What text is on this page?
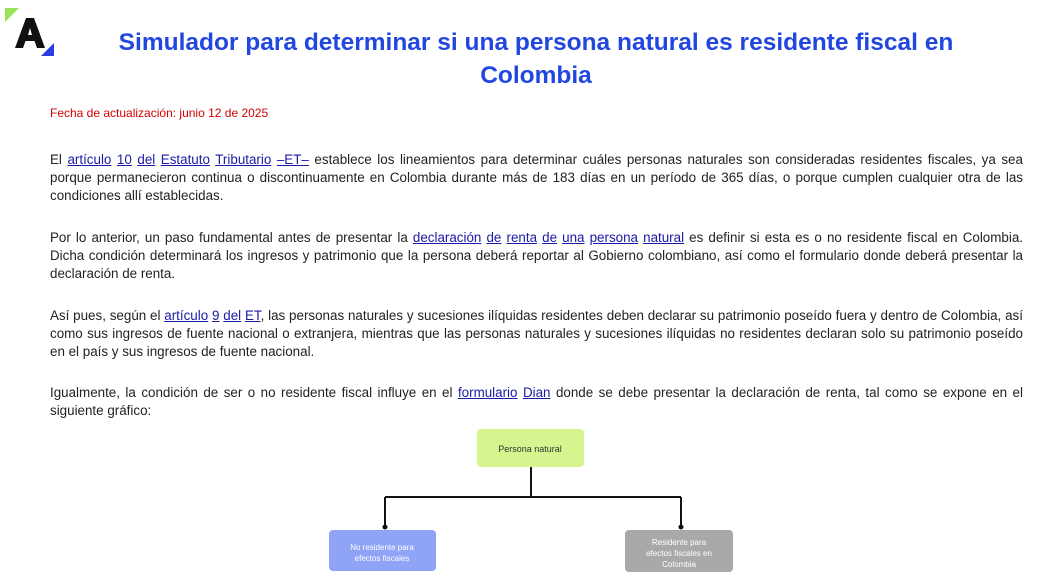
Simulador para determinar si una persona natural es residente fiscal en Colombia

Fecha de actualización: junio 12 de 2025

El artículo 10 del Estatuto Tributario –ET– establece los lineamientos para determinar cuáles personas naturales son consideradas residentes fiscales, ya sea porque permanecieron continua o discontinuamente en Colombia durante más de 183 días en un período de 365 días, o porque cumplen cualquier otra de las condiciones allí establecidas.

Por lo anterior, un paso fundamental antes de presentar la declaración de renta de una persona natural es definir si esta es o no residente fiscal en Colombia. Dicha condición determinará los ingresos y patrimonio que la persona deberá reportar al Gobierno colombiano, así como el formulario donde deberá presentar la declaración de renta.

Así pues, según el artículo 9 del ET, las personas naturales y sucesiones ilíquidas residentes deben declarar su patrimonio poseído fuera y dentro de Colombia, así como sus ingresos de fuente nacional o extranjera, mientras que las personas naturales y sucesiones ilíquidas no residentes declaran solo su patrimonio poseído en el país y sus ingresos de fuente nacional.

Igualmente, la condición de ser o no residente fiscal influye en el formulario Dian donde se debe presentar la declaración de renta, tal como se expone en el siguiente gráfico:

Persona natural
No residente para
efectos fiscales
Residente para
efectos fiscales en
Colombia
